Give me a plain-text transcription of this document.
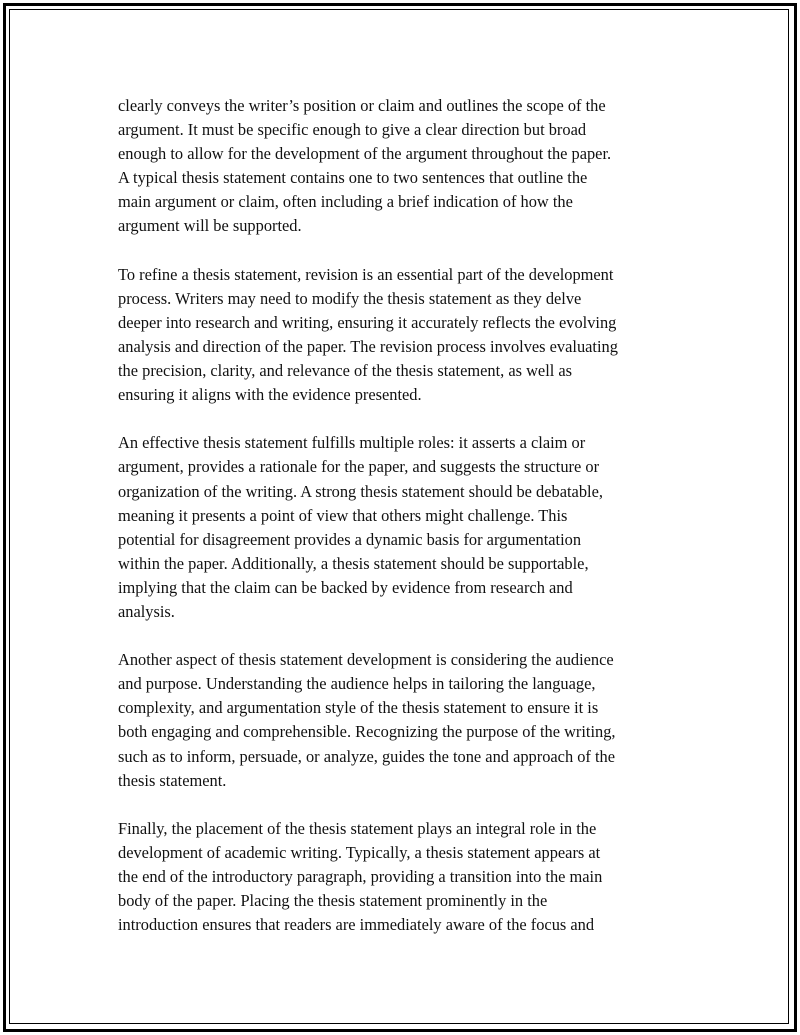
clearly conveys the writer’s position or claim and outlines the scope of the
argument. It must be specific enough to give a clear direction but broad
enough to allow for the development of the argument throughout the paper.
A typical thesis statement contains one to two sentences that outline the
main argument or claim, often including a brief indication of how the
argument will be supported.

To refine a thesis statement, revision is an essential part of the development
process. Writers may need to modify the thesis statement as they delve
deeper into research and writing, ensuring it accurately reflects the evolving
analysis and direction of the paper. The revision process involves evaluating
the precision, clarity, and relevance of the thesis statement, as well as
ensuring it aligns with the evidence presented.

An effective thesis statement fulfills multiple roles: it asserts a claim or
argument, provides a rationale for the paper, and suggests the structure or
organization of the writing. A strong thesis statement should be debatable,
meaning it presents a point of view that others might challenge. This
potential for disagreement provides a dynamic basis for argumentation
within the paper. Additionally, a thesis statement should be supportable,
implying that the claim can be backed by evidence from research and
analysis.

Another aspect of thesis statement development is considering the audience
and purpose. Understanding the audience helps in tailoring the language,
complexity, and argumentation style of the thesis statement to ensure it is
both engaging and comprehensible. Recognizing the purpose of the writing,
such as to inform, persuade, or analyze, guides the tone and approach of the
thesis statement.

Finally, the placement of the thesis statement plays an integral role in the
development of academic writing. Typically, a thesis statement appears at
the end of the introductory paragraph, providing a transition into the main
body of the paper. Placing the thesis statement prominently in the
introduction ensures that readers are immediately aware of the focus and
